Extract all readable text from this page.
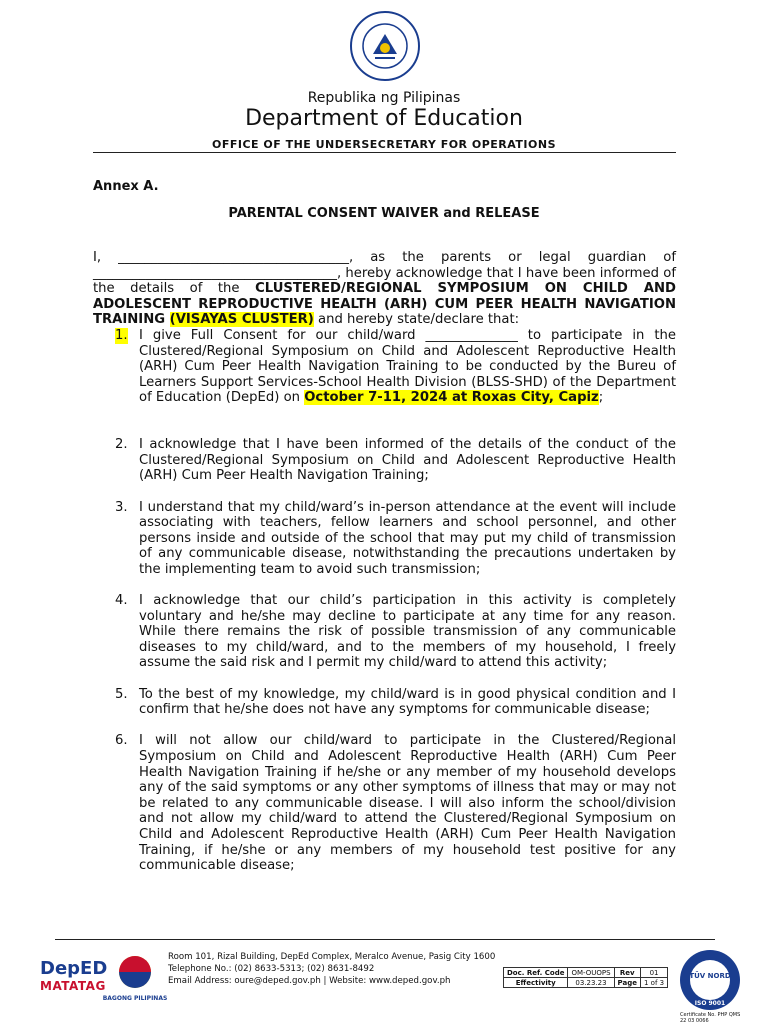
Republika ng Pilipinas
Department of Education
OFFICE OF THE UNDERSECRETARY FOR OPERATIONS
Annex A.
PARENTAL CONSENT WAIVER and RELEASE

I, ___________________________________, as the parents or legal guardian of _____________________________________, hereby acknowledge that I have been informed of the details of the CLUSTERED/REGIONAL SYMPOSIUM ON CHILD AND ADOLESCENT REPRODUCTIVE HEALTH (ARH) CUM PEER HEALTH NAVIGATION TRAINING (VISAYAS CLUSTER) and hereby state/declare that:

1. I give Full Consent for our child/ward ______________ to participate in the Clustered/Regional Symposium on Child and Adolescent Reproductive Health (ARH) Cum Peer Health Navigation Training to be conducted by the Bureu of Learners Support Services-School Health Division (BLSS-SHD) of the Department of Education (DepEd) on October 7-11, 2024 at Roxas City, Capiz;
2. I acknowledge that I have been informed of the details of the conduct of the Clustered/Regional Symposium on Child and Adolescent Reproductive Health (ARH) Cum Peer Health Navigation Training;
3. I understand that my child/ward’s in-person attendance at the event will include associating with teachers, fellow learners and school personnel, and other persons inside and outside of the school that may put my child of transmission of any communicable disease, notwithstanding the precautions undertaken by the implementing team to avoid such transmission;
4. I acknowledge that our child’s participation in this activity is completely voluntary and he/she may decline to participate at any time for any reason. While there remains the risk of possible transmission of any communicable diseases to my child/ward, and to the members of my household, I freely assume the said risk and I permit my child/ward to attend this activity;
5. To the best of my knowledge, my child/ward is in good physical condition and I confirm that he/she does not have any symptoms for communicable disease;
6. I will not allow our child/ward to participate in the Clustered/Regional Symposium on Child and Adolescent Reproductive Health (ARH) Cum Peer Health Navigation Training if he/she or any member of my household develops any of the said symptoms or any other symptoms of illness that may or may not be related to any communicable disease. I will also inform the school/division and not allow my child/ward to attend the Clustered/Regional Symposium on Child and Adolescent Reproductive Health (ARH) Cum Peer Health Navigation Training, if he/she or any members of my household test positive for any communicable disease;
DepED
MATATAG
BAGONG PILIPINAS
Room 101, Rizal Building, DepEd Complex, Meralco Avenue, Pasig City 1600
Telephone No.: (02) 8633-5313; (02) 8631-8492
Email Address: oure@deped.gov.ph | Website: www.deped.gov.ph
Doc. Ref. Code	OM-OUOPS	Rev	01
Effectivity	03.23.23	Page	1 of 3
TÜV NORD
ISO 9001
Certificate No. PHP QMS
22 03 0066
